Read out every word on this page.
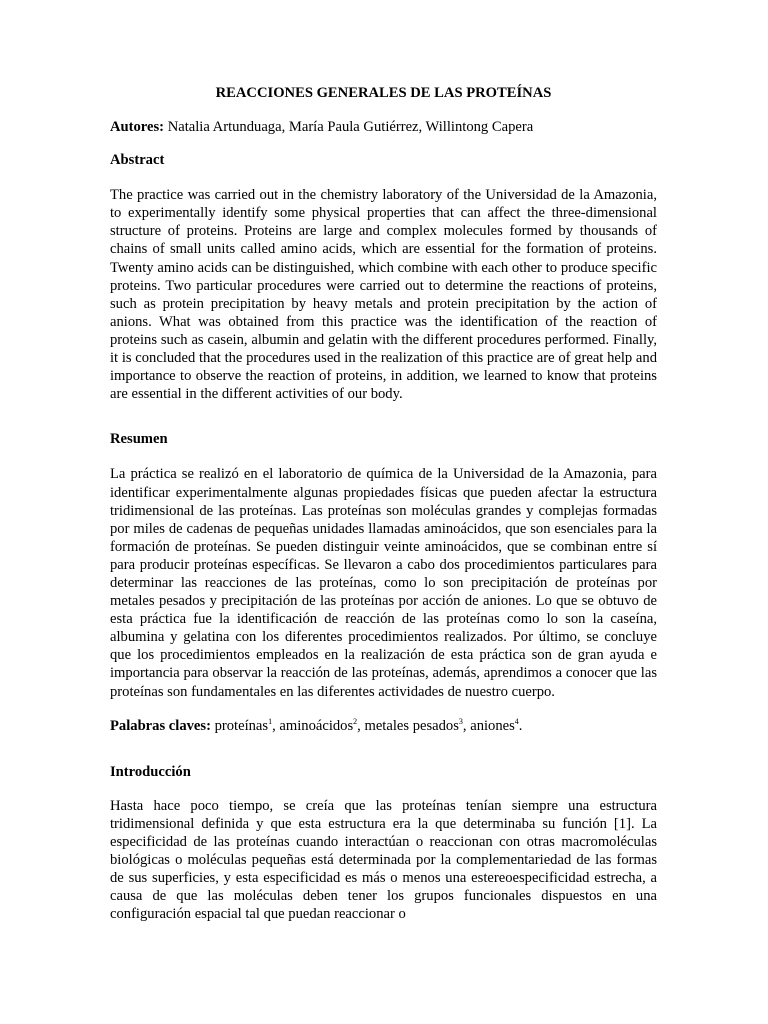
REACCIONES GENERALES DE LAS PROTEÍNAS

Autores: Natalia Artunduaga, María Paula Gutiérrez, Willintong Capera

Abstract

The practice was carried out in the chemistry laboratory of the Universidad de la Amazonia, to experimentally identify some physical properties that can affect the three-dimensional structure of proteins. Proteins are large and complex molecules formed by thousands of chains of small units called amino acids, which are essential for the formation of proteins. Twenty amino acids can be distinguished, which combine with each other to produce specific proteins. Two particular procedures were carried out to determine the reactions of proteins, such as protein precipitation by heavy metals and protein precipitation by the action of anions. What was obtained from this practice was the identification of the reaction of proteins such as casein, albumin and gelatin with the different procedures performed. Finally, it is concluded that the procedures used in the realization of this practice are of great help and importance to observe the reaction of proteins, in addition, we learned to know that proteins are essential in the different activities of our body.

Resumen

La práctica se realizó en el laboratorio de química de la Universidad de la Amazonia, para identificar experimentalmente algunas propiedades físicas que pueden afectar la estructura tridimensional de las proteínas. Las proteínas son moléculas grandes y complejas formadas por miles de cadenas de pequeñas unidades llamadas aminoácidos, que son esenciales para la formación de proteínas. Se pueden distinguir veinte aminoácidos, que se combinan entre sí para producir proteínas específicas. Se llevaron a cabo dos procedimientos particulares para determinar las reacciones de las proteínas, como lo son precipitación de proteínas por metales pesados y precipitación de las proteínas por acción de aniones. Lo que se obtuvo de esta práctica fue la identificación de reacción de las proteínas como lo son la caseína, albumina y gelatina con los diferentes procedimientos realizados. Por último, se concluye que los procedimientos empleados en la realización de esta práctica son de gran ayuda e importancia para observar la reacción de las proteínas, además, aprendimos a conocer que las proteínas son fundamentales en las diferentes actividades de nuestro cuerpo.

Palabras claves: proteínas$^1$, aminoácidos$^2$, metales pesados$^3$, aniones$^4$.

Introducción

Hasta hace poco tiempo, se creía que las proteínas tenían siempre una estructura tridimensional definida y que esta estructura era la que determinaba su función [1]. La especificidad de las proteínas cuando interactúan o reaccionan con otras macromoléculas biológicas o moléculas pequeñas está determinada por la complementariedad de las formas de sus superficies, y esta especificidad es más o menos una estereoespecificidad estrecha, a causa de que las moléculas deben tener los grupos funcionales dispuestos en una configuración espacial tal que puedan reaccionar o
